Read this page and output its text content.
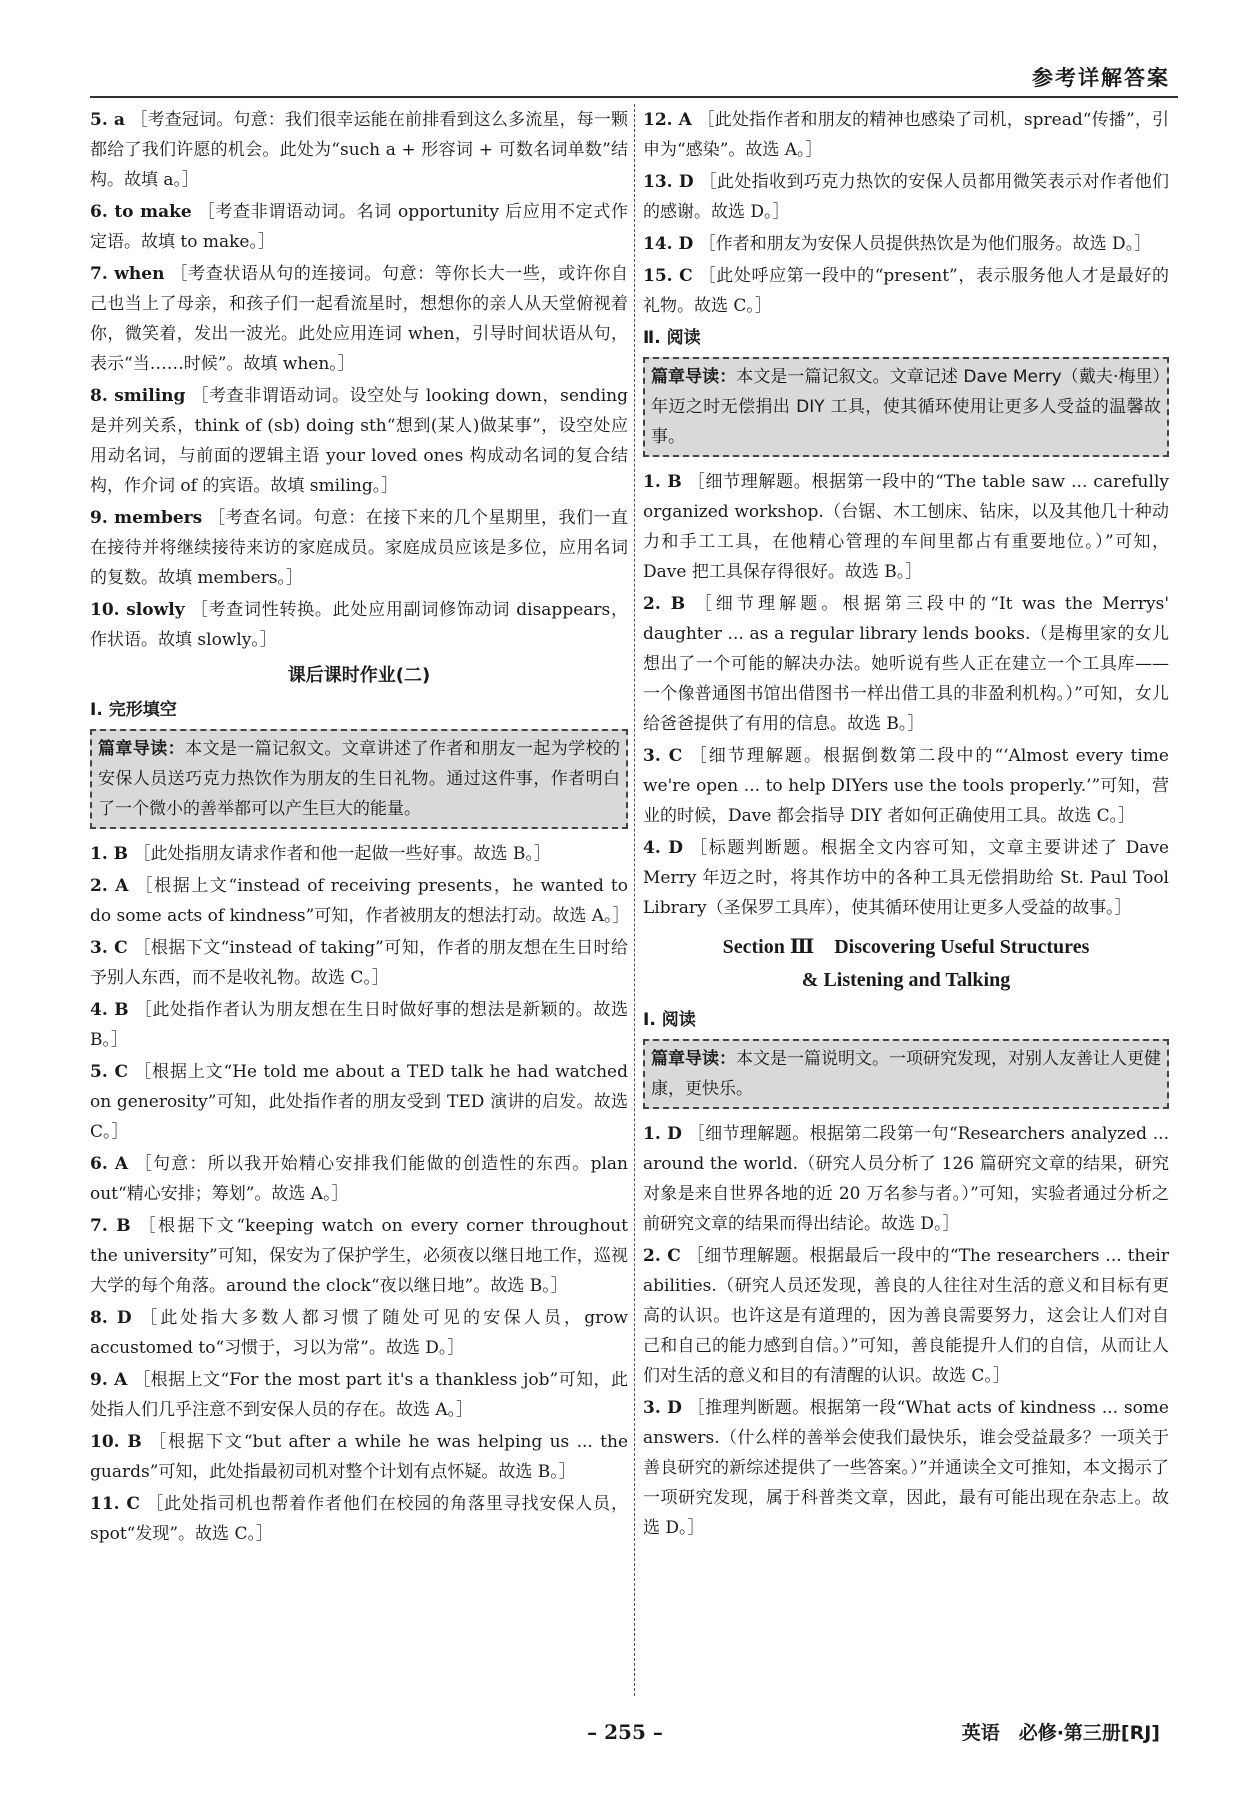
参考详解答案

5. a ［考查冠词。句意：我们很幸运能在前排看到这么多流星，每一颗都给了我们许愿的机会。此处为“such a + 形容词 + 可数名词单数”结构。故填 a。］

6. to make ［考查非谓语动词。名词 opportunity 后应用不定式作定语。故填 to make。］

7. when ［考查状语从句的连接词。句意：等你长大一些，或许你自己也当上了母亲，和孩子们一起看流星时，想想你的亲人从天堂俯视着你，微笑着，发出一波光。此处应用连词 when，引导时间状语从句，表示“当……时候”。故填 when。］

8. smiling ［考查非谓语动词。设空处与 looking down，sending 是并列关系，think of (sb) doing sth“想到(某人)做某事”，设空处应用动名词，与前面的逻辑主语 your loved ones 构成动名词的复合结构，作介词 of 的宾语。故填 smiling。］

9. members ［考查名词。句意：在接下来的几个星期里，我们一直在接待并将继续接待来访的家庭成员。家庭成员应该是多位，应用名词的复数。故填 members。］

10. slowly ［考查词性转换。此处应用副词修饰动词 disappears，作状语。故填 slowly。］

课后课时作业(二)
Ⅰ. 完形填空
篇章导读：本文是一篇记叙文。文章讲述了作者和朋友一起为学校的安保人员送巧克力热饮作为朋友的生日礼物。通过这件事，作者明白了一个微小的善举都可以产生巨大的能量。

1. B ［此处指朋友请求作者和他一起做一些好事。故选 B。］

2. A ［根据上文“instead of receiving presents，he wanted to do some acts of kindness”可知，作者被朋友的想法打动。故选 A。］

3. C ［根据下文“instead of taking”可知，作者的朋友想在生日时给予别人东西，而不是收礼物。故选 C。］

4. B ［此处指作者认为朋友想在生日时做好事的想法是新颖的。故选 B。］

5. C ［根据上文“He told me about a TED talk he had watched on generosity”可知，此处指作者的朋友受到 TED 演讲的启发。故选 C。］

6. A ［句意：所以我开始精心安排我们能做的创造性的东西。plan out“精心安排；筹划”。故选 A。］

7. B ［根据下文“keeping watch on every corner throughout the university”可知，保安为了保护学生，必须夜以继日地工作，巡视大学的每个角落。around the clock“夜以继日地”。故选 B。］

8. D ［此处指大多数人都习惯了随处可见的安保人员，grow accustomed to“习惯于，习以为常”。故选 D。］

9. A ［根据上文“For the most part it's a thankless job”可知，此处指人们几乎注意不到安保人员的存在。故选 A。］

10. B ［根据下文“but after a while he was helping us ... the guards”可知，此处指最初司机对整个计划有点怀疑。故选 B。］

11. C ［此处指司机也帮着作者他们在校园的角落里寻找安保人员，spot“发现”。故选 C。］

12. A ［此处指作者和朋友的精神也感染了司机，spread“传播”，引申为“感染”。故选 A。］

13. D ［此处指收到巧克力热饮的安保人员都用微笑表示对作者他们的感谢。故选 D。］

14. D ［作者和朋友为安保人员提供热饮是为他们服务。故选 D。］

15. C ［此处呼应第一段中的“present”，表示服务他人才是最好的礼物。故选 C。］

Ⅱ. 阅读
篇章导读：本文是一篇记叙文。文章记述 Dave Merry（戴夫·梅里）年迈之时无偿捐出 DIY 工具，使其循环使用让更多人受益的温馨故事。

1. B ［细节理解题。根据第一段中的“The table saw ... carefully organized workshop.（台锯、木工刨床、钻床，以及其他几十种动力和手工工具，在他精心管理的车间里都占有重要地位。）”可知，Dave 把工具保存得很好。故选 B。］

2. B ［细节理解题。根据第三段中的“It was the Merrys' daughter ... as a regular library lends books.（是梅里家的女儿想出了一个可能的解决办法。她听说有些人正在建立一个工具库——一个像普通图书馆出借图书一样出借工具的非盈利机构。）”可知，女儿给爸爸提供了有用的信息。故选 B。］

3. C ［细节理解题。根据倒数第二段中的“‘Almost every time we're open ... to help DIYers use the tools properly.’”可知，营业的时候，Dave 都会指导 DIY 者如何正确使用工具。故选 C。］

4. D ［标题判断题。根据全文内容可知，文章主要讲述了 Dave Merry 年迈之时，将其作坊中的各种工具无偿捐助给 St. Paul Tool Library（圣保罗工具库），使其循环使用让更多人受益的故事。］

Section Ⅲ　Discovering Useful Structures
& Listening and Talking
Ⅰ. 阅读
篇章导读：本文是一篇说明文。一项研究发现，对别人友善让人更健康，更快乐。

1. D ［细节理解题。根据第二段第一句“Researchers analyzed ... around the world.（研究人员分析了 126 篇研究文章的结果，研究对象是来自世界各地的近 20 万名参与者。）”可知，实验者通过分析之前研究文章的结果而得出结论。故选 D。］

2. C ［细节理解题。根据最后一段中的“The researchers ... their abilities.（研究人员还发现，善良的人往往对生活的意义和目标有更高的认识。也许这是有道理的，因为善良需要努力，这会让人们对自己和自己的能力感到自信。）”可知，善良能提升人们的自信，从而让人们对生活的意义和目的有清醒的认识。故选 C。］

3. D ［推理判断题。根据第一段“What acts of kindness ... some answers.（什么样的善举会使我们最快乐，谁会受益最多？一项关于善良研究的新综述提供了一些答案。）”并通读全文可推知，本文揭示了一项研究发现，属于科普类文章，因此，最有可能出现在杂志上。故选 D。］

– 255 –	英语　必修·第三册[RJ]
